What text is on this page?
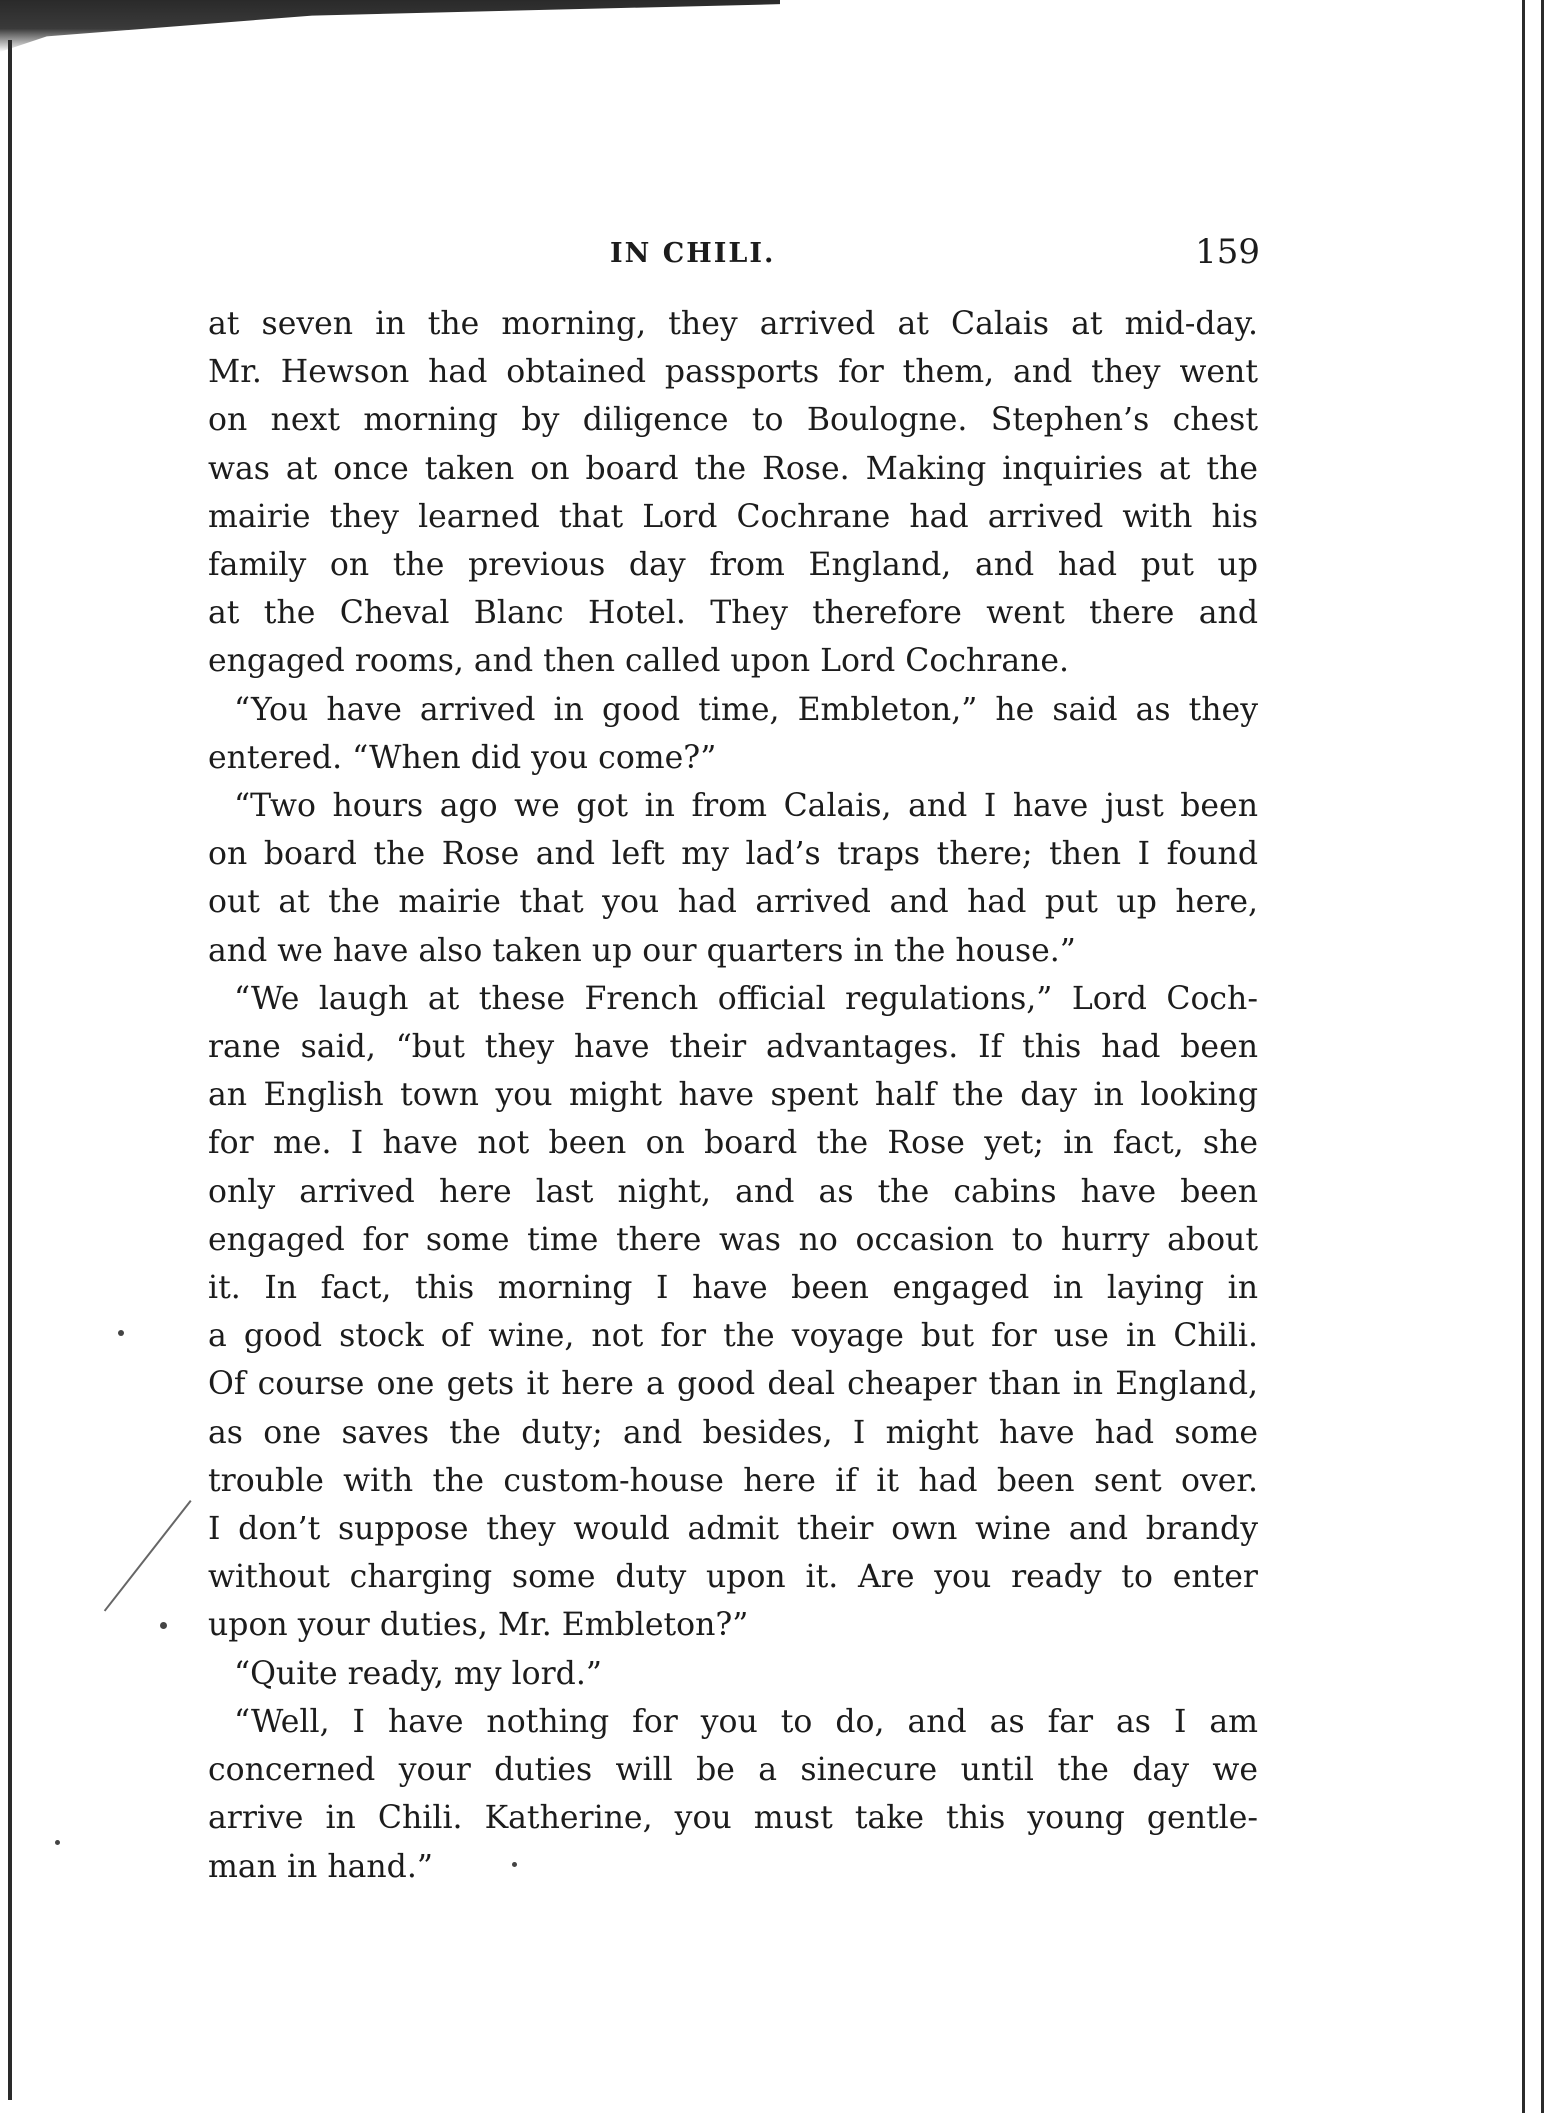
IN CHILI.	159
at seven in the morning, they arrived at Calais at mid-day.
Mr. Hewson had obtained passports for them, and they went
on next morning by diligence to Boulogne. Stephen’s chest
was at once taken on board the Rose. Making inquiries at the
mairie they learned that Lord Cochrane had arrived with his
family on the previous day from England, and had put up
at the Cheval Blanc Hotel. They therefore went there and
engaged rooms, and then called upon Lord Cochrane.
“You have arrived in good time, Embleton,” he said as they
entered. “When did you come?”
“Two hours ago we got in from Calais, and I have just been
on board the Rose and left my lad’s traps there; then I found
out at the mairie that you had arrived and had put up here,
and we have also taken up our quarters in the house.”
“We laugh at these French official regulations,” Lord Coch-
rane said, “but they have their advantages. If this had been
an English town you might have spent half the day in looking
for me. I have not been on board the Rose yet; in fact, she
only arrived here last night, and as the cabins have been
engaged for some time there was no occasion to hurry about
it. In fact, this morning I have been engaged in laying in
a good stock of wine, not for the voyage but for use in Chili.
Of course one gets it here a good deal cheaper than in England,
as one saves the duty; and besides, I might have had some
trouble with the custom-house here if it had been sent over.
I don’t suppose they would admit their own wine and brandy
without charging some duty upon it. Are you ready to enter
upon your duties, Mr. Embleton?”
“Quite ready, my lord.”
“Well, I have nothing for you to do, and as far as I am
concerned your duties will be a sinecure until the day we
arrive in Chili. Katherine, you must take this young gentle-
man in hand.”
